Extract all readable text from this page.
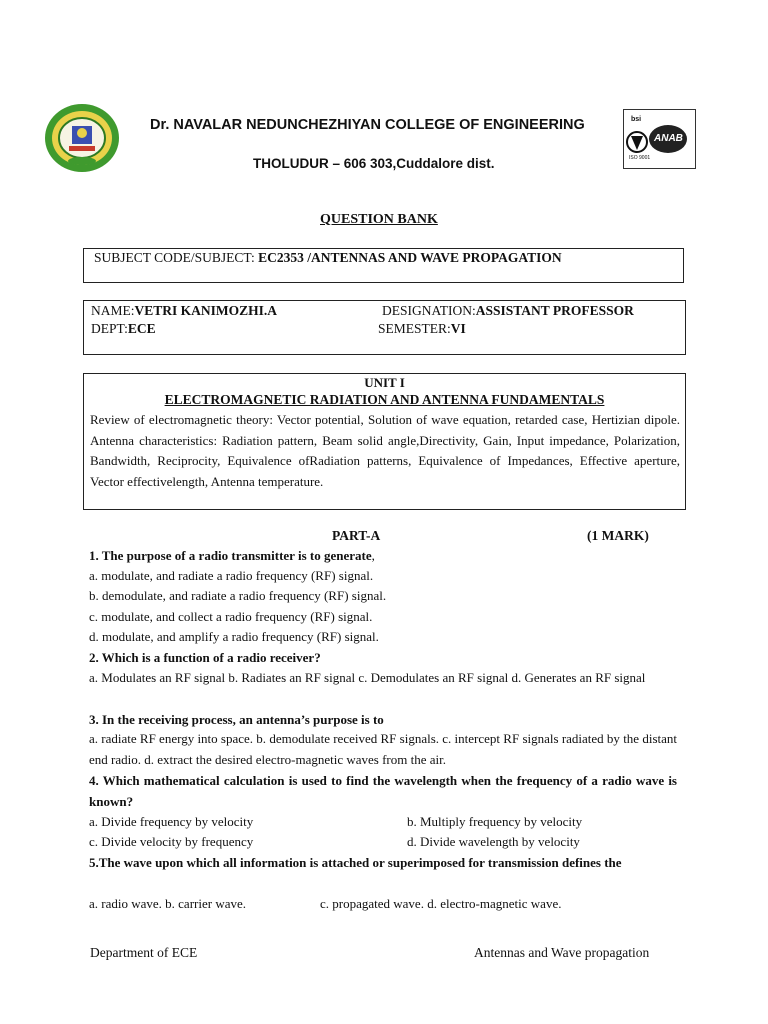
Dr. NAVALAR NEDUNCHEZHIYAN COLLEGE OF ENGINEERING
THOLUDUR – 606 303,Cuddalore dist.
bsi
ANAB
ISO 9001
QUESTION BANK
SUBJECT CODE/SUBJECT: EC2353 /ANTENNAS AND WAVE PROPAGATION
NAME:VETRI KANIMOZHI.A	DESIGNATION:ASSISTANT PROFESSOR
DEPT:ECE	SEMESTER:VI
UNIT I
ELECTROMAGNETIC RADIATION AND ANTENNA FUNDAMENTALS
Review of electromagnetic theory: Vector potential, Solution of wave equation, retarded case, Hertizian dipole. Antenna characteristics: Radiation pattern, Beam solid angle,Directivity, Gain, Input impedance, Polarization, Bandwidth, Reciprocity, Equivalence ofRadiation patterns, Equivalence of Impedances, Effective aperture, Vector effectivelength, Antenna temperature.
PART-A	(1 MARK)
1. The purpose of a radio transmitter is to generate,
a. modulate, and radiate a radio frequency (RF) signal.
b. demodulate, and radiate a radio frequency (RF) signal.
c. modulate, and collect a radio frequency (RF) signal.
d. modulate, and amplify a radio frequency (RF) signal.
2. Which is a function of a radio receiver?
a. Modulates an RF signal b. Radiates an RF signal c. Demodulates an RF signal d. Generates an RF signal
3. In the receiving process, an antenna’s purpose is to
a. radiate RF energy into space. b. demodulate received RF signals. c. intercept RF signals radiated by the distant end radio. d. extract the desired electro-magnetic waves from the air.
4. Which mathematical calculation is used to find the wavelength when the frequency of a radio wave is known?
a. Divide frequency by velocity	b. Multiply frequency by velocity
c. Divide velocity by frequency	d. Divide wavelength by velocity
5.The wave upon which all information is attached or superimposed for transmission defines the
a. radio wave. b. carrier wave.	c. propagated wave. d. electro-magnetic wave.
Department of ECE	Antennas and Wave propagation
